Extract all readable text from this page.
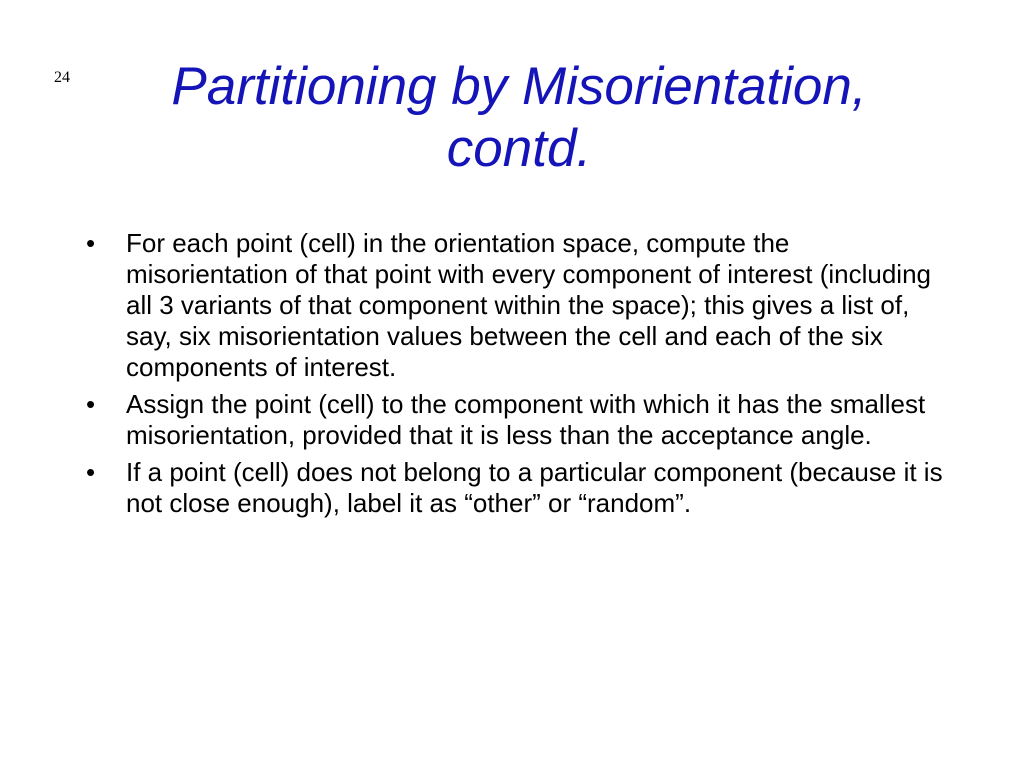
24	Partitioning by Misorientation,
contd.
•	For each point (cell) in the orientation space, compute the misorientation of that point with every component of interest (including all 3 variants of that component within the space); this gives a list of, say, six misorientation values between the cell and each of the six components of interest.
•	Assign the point (cell) to the component with which it has the smallest misorientation, provided that it is less than the acceptance angle.
•	If a point (cell) does not belong to a particular component (because it is not close enough), label it as “other” or “random”.
